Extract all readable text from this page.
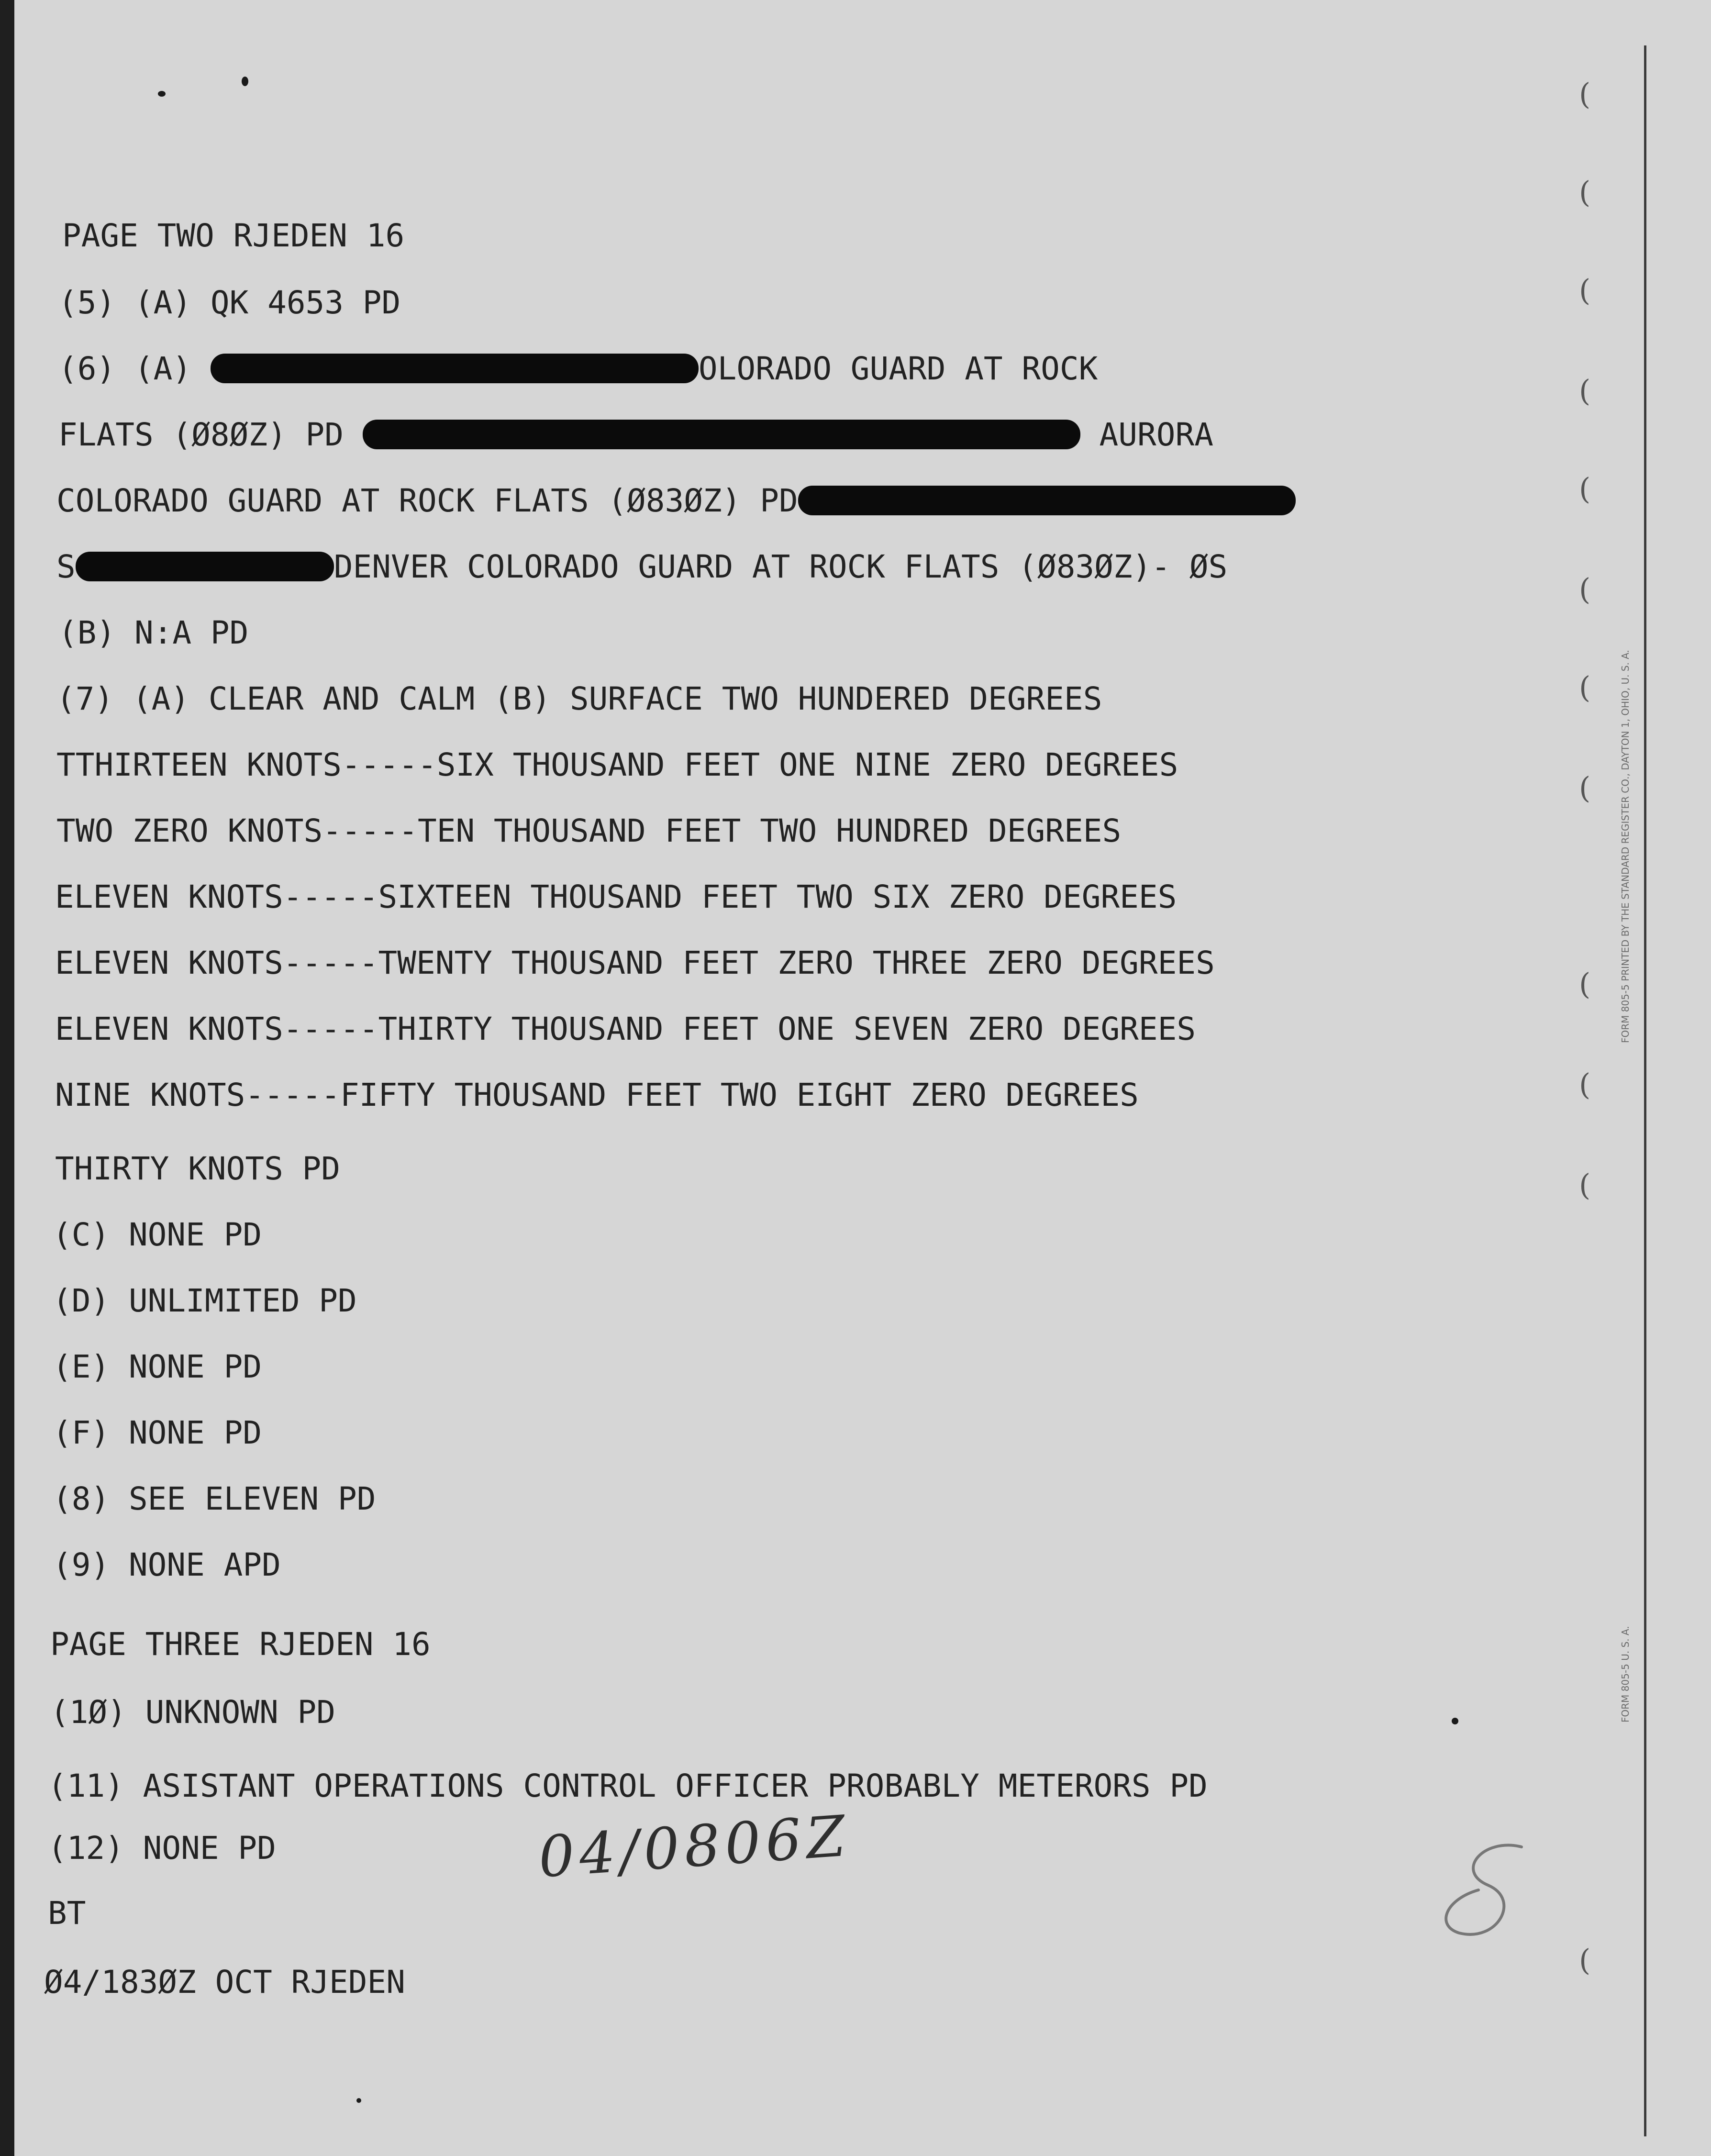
PAGE TWO RJEDEN 16
(5) (A) QK 4653 PD
(6) (A)	OLORADO GUARD AT ROCK
FLATS (Ø8ØZ) PD	AURORA
COLORADO GUARD AT ROCK FLATS (Ø83ØZ) PD
S	DENVER COLORADO GUARD AT ROCK FLATS (Ø83ØZ)- ØS
(B) N:A PD
(7) (A) CLEAR AND CALM (B) SURFACE TWO HUNDERED DEGREES
TTHIRTEEN KNOTS-----SIX THOUSAND FEET ONE NINE ZERO DEGREES
TWO ZERO KNOTS-----TEN THOUSAND FEET TWO HUNDRED DEGREES
ELEVEN KNOTS-----SIXTEEN THOUSAND FEET TWO SIX ZERO DEGREES
ELEVEN KNOTS-----TWENTY THOUSAND FEET ZERO THREE ZERO DEGREES
ELEVEN KNOTS-----THIRTY THOUSAND FEET ONE SEVEN ZERO DEGREES
NINE KNOTS-----FIFTY THOUSAND FEET TWO EIGHT ZERO DEGREES
THIRTY KNOTS PD
(C) NONE PD
(D) UNLIMITED PD
(E) NONE PD
(F) NONE PD
(8) SEE ELEVEN PD
(9) NONE APD
PAGE THREE RJEDEN 16
(1Ø) UNKNOWN PD
(11) ASISTANT OPERATIONS CONTROL OFFICER PROBABLY METERORS PD
(12) NONE PD
BT
Ø4/183ØZ OCT RJEDEN
04/0806Z
(
(
(
(
(
(
(
(
(
(
(
(
FORM 805-5 PRINTED BY THE STANDARD REGISTER CO., DAYTON 1, OHIO, U. S. A.
FORM 805-5 U. S. A.
